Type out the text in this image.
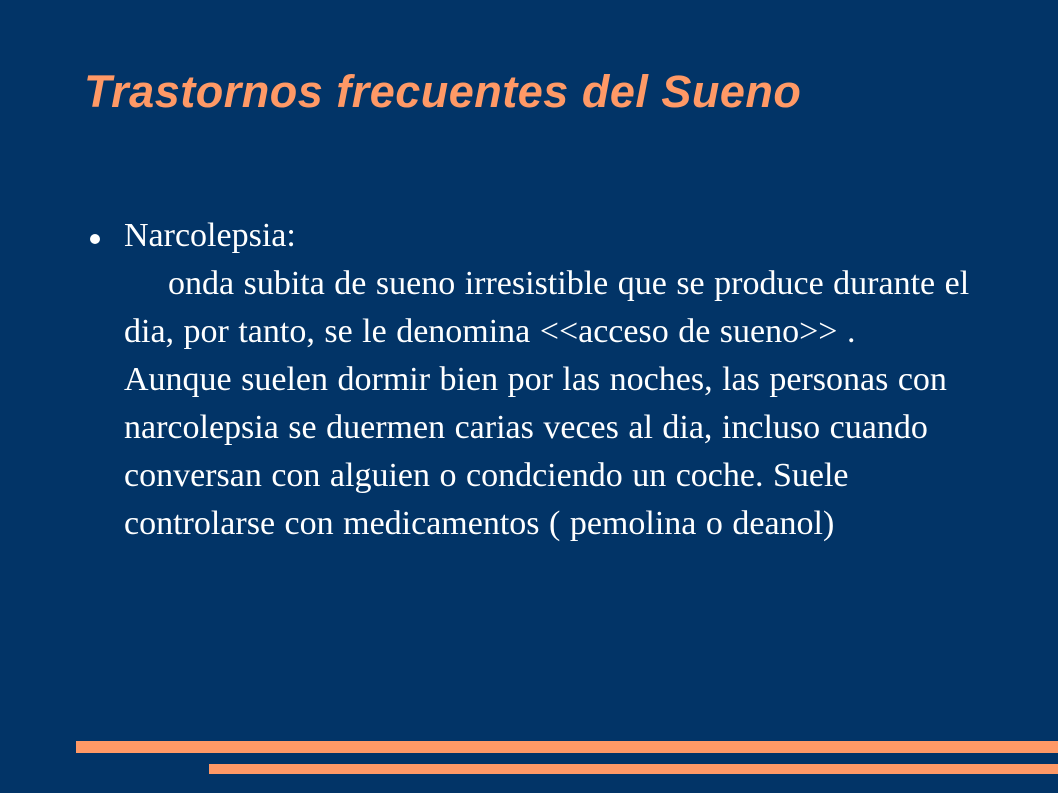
Trastornos frecuentes del Sueno
Narcolepsia:
onda subita de sueno irresistible que se produce durante el dia, por tanto, se le denomina <<acceso de sueno>> . Aunque suelen dormir bien por las noches, las personas con narcolepsia se duermen carias veces al dia, incluso cuando conversan con alguien o condciendo un coche. Suele controlarse con medicamentos ( pemolina o deanol)
